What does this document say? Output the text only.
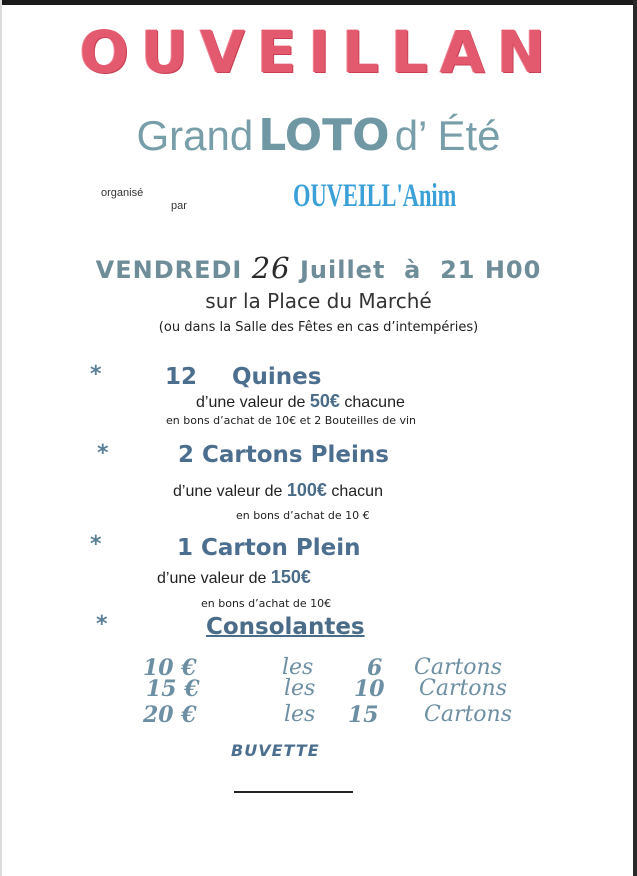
OUVEILLAN
Grand LOTO d’ Été
organisé
par	OUVEILL'Anim
VENDREDI 26 Juillet à 21 H00
sur la Place du Marché
(ou dans la Salle des Fêtes en cas d’intempéries)
*	12 Quines
d’une valeur de 50€ chacune
en bons d’achat de 10€ et 2 Bouteilles de vin
*	2 Cartons Pleins
d’une valeur de 100€ chacun
en bons d’achat de 10 €
*	1 Carton Plein
d’une valeur de 150€
en bons d’achat de 10€
*	Consolantes
10 €	les 6 Cartons
15 €	les 10 Cartons
20 €	les 15 Cartons
BUVETTE
